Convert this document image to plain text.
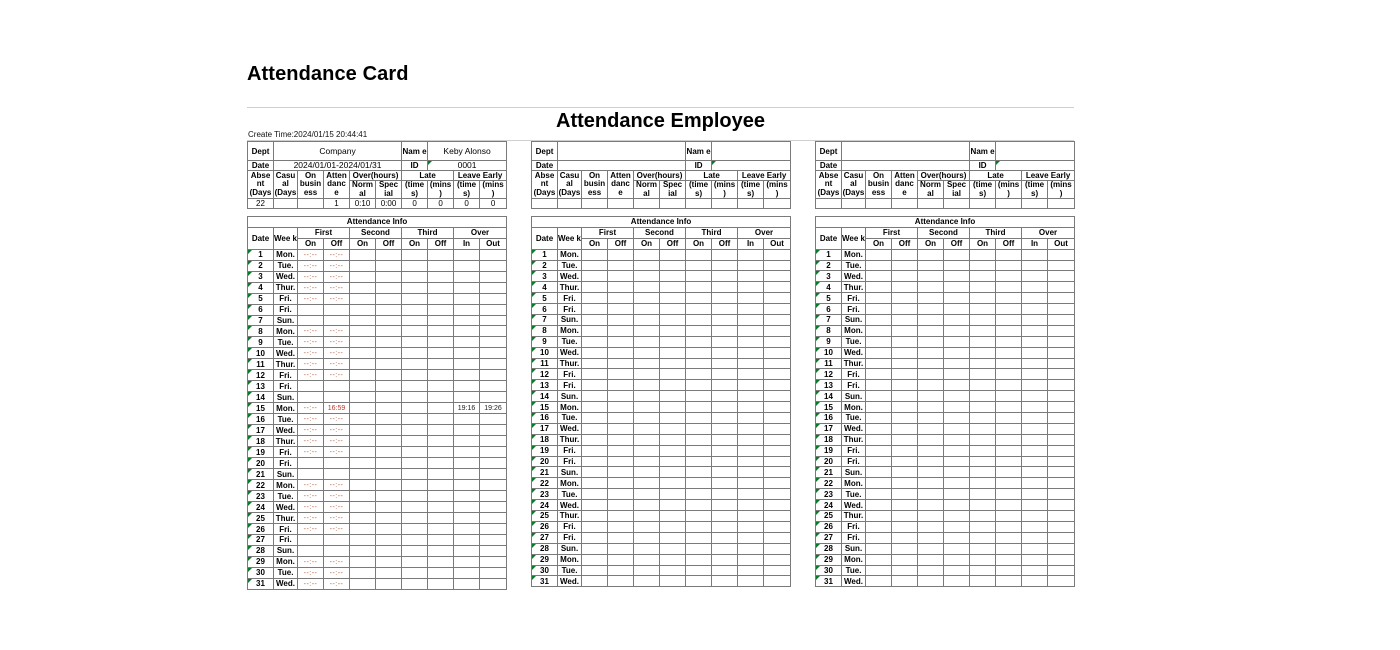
Attendance Card
Attendance Employee
Create Time:2024/01/15 20:44:41
Dept	Company					Nam e	Keby Alonso		
Date	2024/01/01-2024/01/31					ID	0001		
Abse nt (Days	Casu al (Days	On busin ess	Atten danc e	Over(hours)		Late		Leave Early	
				Norm al	Spec ial	(time s)	(mins )	(time s)	(mins )
22			1	0:10	0:00	0	0	0	0
Attendance Info									
Date	Wee k	First		Second		Third		Over	
		On	Off	On	Off	On	Off	In	Out

1	Mon.	--:--	--:--						

2	Tue.	--:--	--:--						

3	Wed.	--:--	--:--						

4	Thur.	--:--	--:--						

5	Fri.	--:--	--:--						

6	Fri.								

7	Sun.								

8	Mon.	--:--	--:--						

9	Tue.	--:--	--:--						

10	Wed.	--:--	--:--						

11	Thur.	--:--	--:--						

12	Fri.	--:--	--:--						

13	Fri.								

14	Sun.								

15	Mon.	--:--	16:59					19:16	19:26

16	Tue.	--:--	--:--						

17	Wed.	--:--	--:--						

18	Thur.	--:--	--:--						

19	Fri.	--:--	--:--						

20	Fri.								

21	Sun.								

22	Mon.	--:--	--:--						

23	Tue.	--:--	--:--						

24	Wed.	--:--	--:--						

25	Thur.	--:--	--:--						

26	Fri.	--:--	--:--						

27	Fri.								

28	Sun.								

29	Mon.	--:--	--:--						

30	Tue.	--:--	--:--						

31	Wed.	--:--	--:--						
Dept						Nam e			
Date						ID			

Abse nt (Days	Casu al (Days	On busin ess	Atten danc e	Over(hours)		Late		Leave Early	
				Norm al	Spec ial	(time s)	(mins )	(time s)	(mins )

Attendance Info									
Date	Wee k	First		Second		Third		Over	
		On	Off	On	Off	On	Off	In	Out

1	Mon.								

2	Tue.								

3	Wed.								

4	Thur.								

5	Fri.								

6	Fri.								

7	Sun.								

8	Mon.								

9	Tue.								

10	Wed.								

11	Thur.								

12	Fri.								

13	Fri.								

14	Sun.								

15	Mon.								

16	Tue.								

17	Wed.								

18	Thur.								

19	Fri.								

20	Fri.								

21	Sun.								

22	Mon.								

23	Tue.								

24	Wed.								

25	Thur.								

26	Fri.								

27	Fri.								

28	Sun.								

29	Mon.								

30	Tue.								

31	Wed.								
Dept						Nam e			
Date						ID			

Abse nt (Days	Casu al (Days	On busin ess	Atten danc e	Over(hours)		Late		Leave Early	
				Norm al	Spec ial	(time s)	(mins )	(time s)	(mins )

Attendance Info									
Date	Wee k	First		Second		Third		Over	
		On	Off	On	Off	On	Off	In	Out

1	Mon.								

2	Tue.								

3	Wed.								

4	Thur.								

5	Fri.								

6	Fri.								

7	Sun.								

8	Mon.								

9	Tue.								

10	Wed.								

11	Thur.								

12	Fri.								

13	Fri.								

14	Sun.								

15	Mon.								

16	Tue.								

17	Wed.								

18	Thur.								

19	Fri.								

20	Fri.								

21	Sun.								

22	Mon.								

23	Tue.								

24	Wed.								

25	Thur.								

26	Fri.								

27	Fri.								

28	Sun.								

29	Mon.								

30	Tue.								

31	Wed.								
